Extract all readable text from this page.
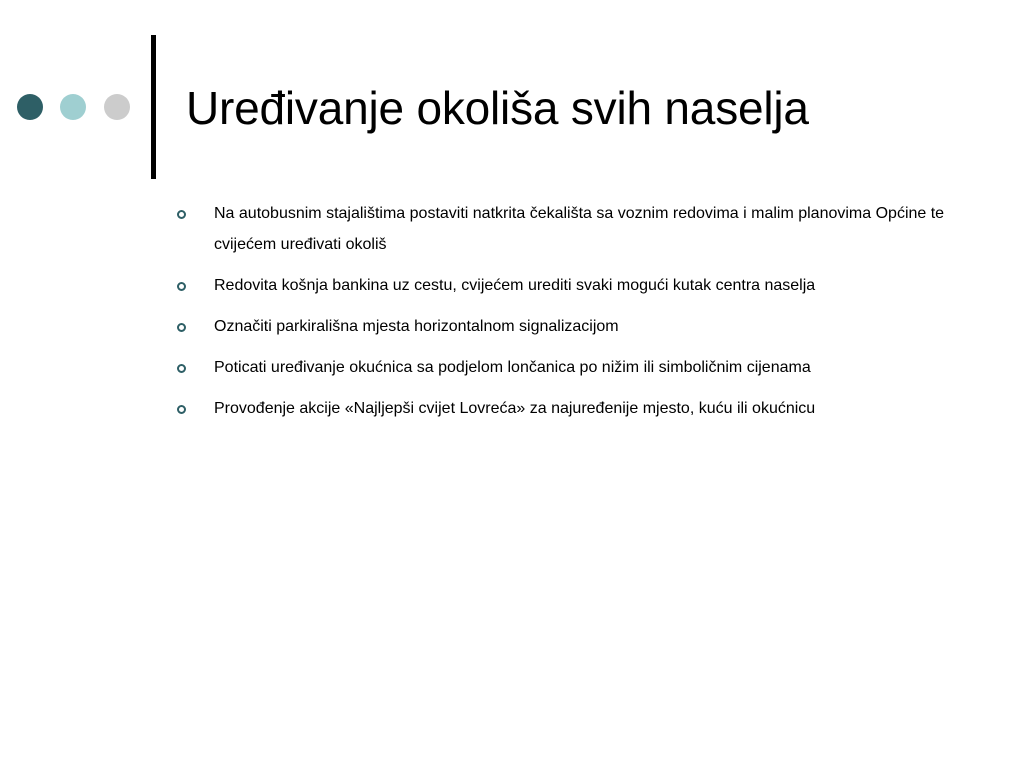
Uređivanje okoliša svih naselja
Na autobusnim stajalištima postaviti natkrita čekališta sa voznim redovima i malim planovima Općine te cvijećem uređivati okoliš
Redovita košnja bankina uz cestu, cvijećem urediti svaki mogući kutak centra naselja
Označiti parkirališna mjesta horizontalnom signalizacijom
Poticati uređivanje okućnica sa podjelom lončanica po nižim ili simboličnim cijenama
Provođenje akcije «Najljepši cvijet Lovreća» za najuređenije mjesto, kuću ili okućnicu
